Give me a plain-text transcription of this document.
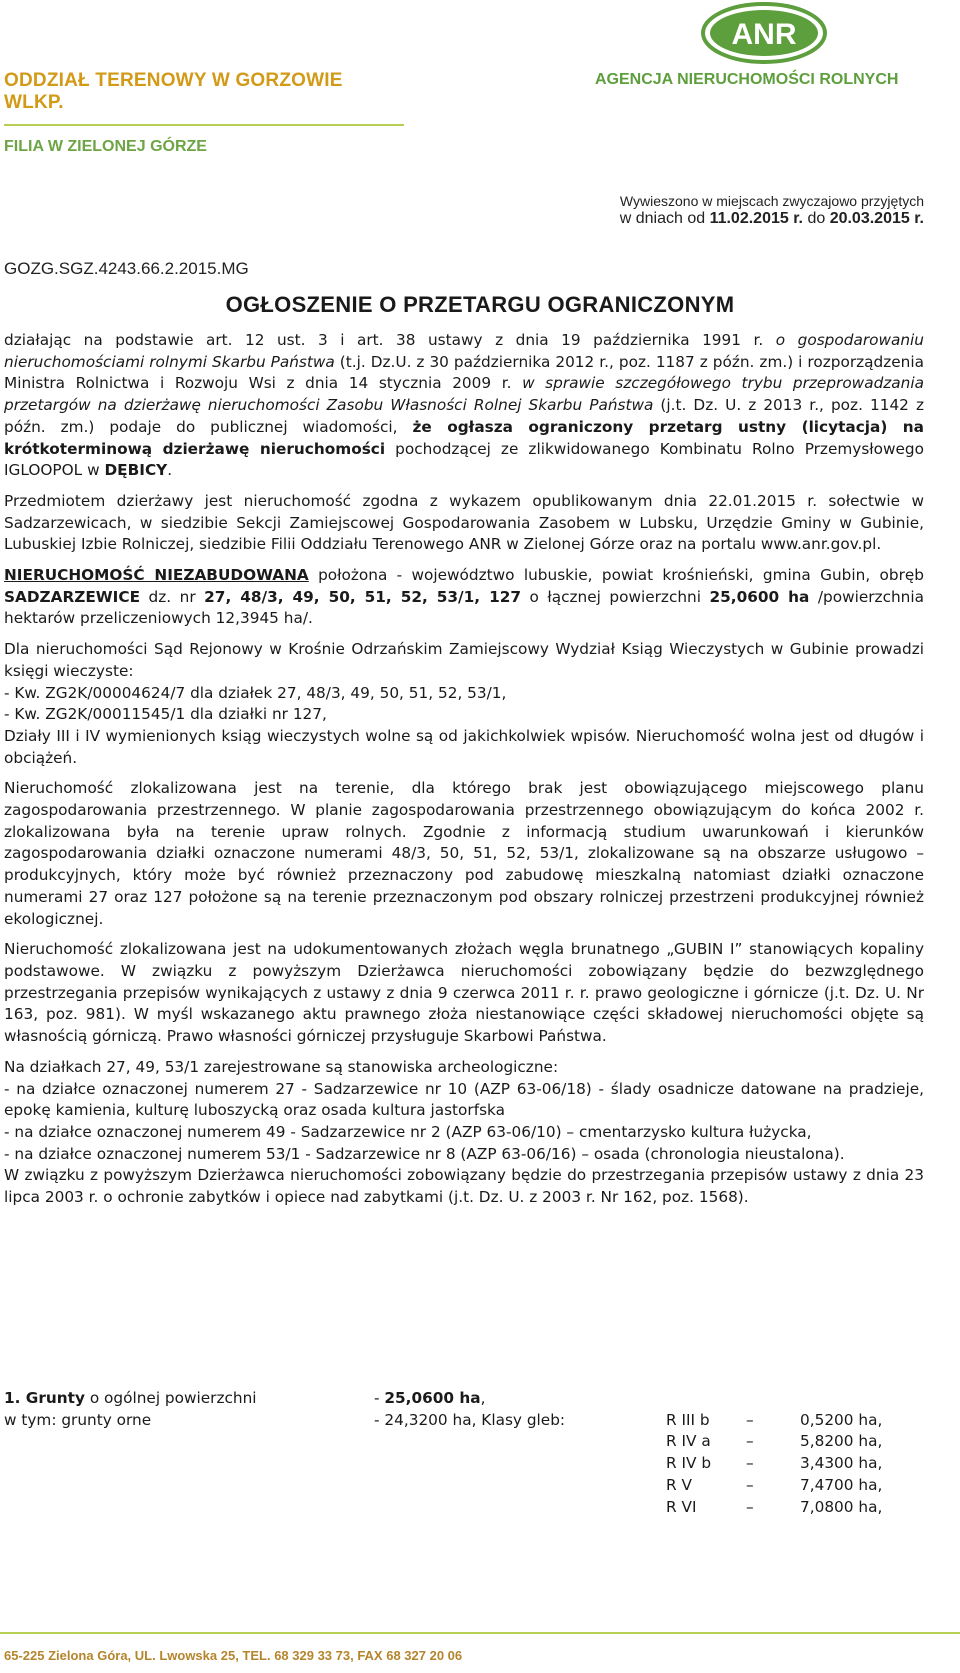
ODDZIAŁ TERENOWY W GORZOWIE WLKP.
FILIA W ZIELONEJ GÓRZE
ANR
AGENCJA NIERUCHOMOŚCI ROLNYCH
Wywieszono w miejscach zwyczajowo przyjętych
w dniach od 11.02.2015 r. do 20.03.2015 r.
GOZG.SGZ.4243.66.2.2015.MG
OGŁOSZENIE O PRZETARGU OGRANICZONYM

działając na podstawie art. 12 ust. 3 i art. 38 ustawy z dnia 19 października 1991 r. o gospodarowaniu nieruchomościami rolnymi Skarbu Państwa (t.j. Dz.U. z 30 października 2012 r., poz. 1187 z późn. zm.) i rozporządzenia Ministra Rolnictwa i Rozwoju Wsi z dnia 14 stycznia 2009 r. w sprawie szczegółowego trybu przeprowadzania przetargów na dzierżawę nieruchomości Zasobu Własności Rolnej Skarbu Państwa (j.t. Dz. U. z 2013 r., poz. 1142 z późn. zm.) podaje do publicznej wiadomości, że ogłasza ograniczony przetarg ustny (licytacja) na krótkoterminową dzierżawę nieruchomości pochodzącej ze zlikwidowanego Kombinatu Rolno Przemysłowego IGLOOPOL w DĘBICY.

Przedmiotem dzierżawy jest nieruchomość zgodna z wykazem opublikowanym dnia 22.01.2015 r. sołectwie w Sadzarzewicach, w siedzibie Sekcji Zamiejscowej Gospodarowania Zasobem w Lubsku, Urzędzie Gminy w Gubinie, Lubuskiej Izbie Rolniczej, siedzibie Filii Oddziału Terenowego ANR w Zielonej Górze oraz na portalu www.anr.gov.pl.

NIERUCHOMOŚĆ NIEZABUDOWANA położona - województwo lubuskie, powiat krośnieński, gmina Gubin, obręb SADZARZEWICE dz. nr 27, 48/3, 49, 50, 51, 52, 53/1, 127 o łącznej powierzchni 25,0600 ha /powierzchnia hektarów przeliczeniowych 12,3945 ha/.

Dla nieruchomości Sąd Rejonowy w Krośnie Odrzańskim Zamiejscowy Wydział Ksiąg Wieczystych w Gubinie prowadzi księgi wieczyste:

- Kw. ZG2K/00004624/7 dla działek 27, 48/3, 49, 50, 51, 52, 53/1,

- Kw. ZG2K/00011545/1 dla działki nr 127,

Działy III i IV wymienionych ksiąg wieczystych wolne są od jakichkolwiek wpisów. Nieruchomość wolna jest od długów i obciążeń.

Nieruchomość zlokalizowana jest na terenie, dla którego brak jest obowiązującego miejscowego planu zagospodarowania przestrzennego. W planie zagospodarowania przestrzennego obowiązującym do końca 2002 r. zlokalizowana była na terenie upraw rolnych. Zgodnie z informacją studium uwarunkowań i kierunków zagospodarowania działki oznaczone numerami 48/3, 50, 51, 52, 53/1, zlokalizowane są na obszarze usługowo – produkcyjnych, który może być również przeznaczony pod zabudowę mieszkalną natomiast działki oznaczone numerami 27 oraz 127 położone są na terenie przeznaczonym pod obszary rolniczej przestrzeni produkcyjnej również ekologicznej.

Nieruchomość zlokalizowana jest na udokumentowanych złożach węgla brunatnego „GUBIN I” stanowiących kopaliny podstawowe. W związku z powyższym Dzierżawca nieruchomości zobowiązany będzie do bezwzględnego przestrzegania przepisów wynikających z ustawy z dnia 9 czerwca 2011 r. r. prawo geologiczne i górnicze (j.t. Dz. U. Nr 163, poz. 981). W myśl wskazanego aktu prawnego złoża niestanowiące części składowej nieruchomości objęte są własnością górniczą. Prawo własności górniczej przysługuje Skarbowi Państwa.

Na działkach 27, 49, 53/1 zarejestrowane są stanowiska archeologiczne:

- na działce oznaczonej numerem 27 - Sadzarzewice nr 10 (AZP 63-06/18) - ślady osadnicze datowane na pradzieje, epokę kamienia, kulturę luboszycką oraz osada kultura jastorfska

- na działce oznaczonej numerem 49 - Sadzarzewice nr 2 (AZP 63-06/10) – cmentarzysko kultura łużycka,

- na działce oznaczonej numerem 53/1 - Sadzarzewice nr 8 (AZP 63-06/16) – osada (chronologia nieustalona).

W związku z powyższym Dzierżawca nieruchomości zobowiązany będzie do przestrzegania przepisów ustawy z dnia 23 lipca 2003 r. o ochronie zabytków i opiece nad zabytkami (j.t. Dz. U. z 2003 r. Nr 162, poz. 1568).

1. Grunty o ogólnej powierzchni	- 25,0600 ha,
w tym: grunty orne	- 24,3200 ha, Klasy gleb:	R III b –	0,5200 ha,
R IV a –	5,8200 ha,
R IV b –	3,4300 ha,
R V	–	7,4700 ha,
R VI	–	7,0800 ha,
65-225 Zielona Góra, UL. Lwowska 25, TEL. 68 329 33 73, FAX 68 327 20 06
